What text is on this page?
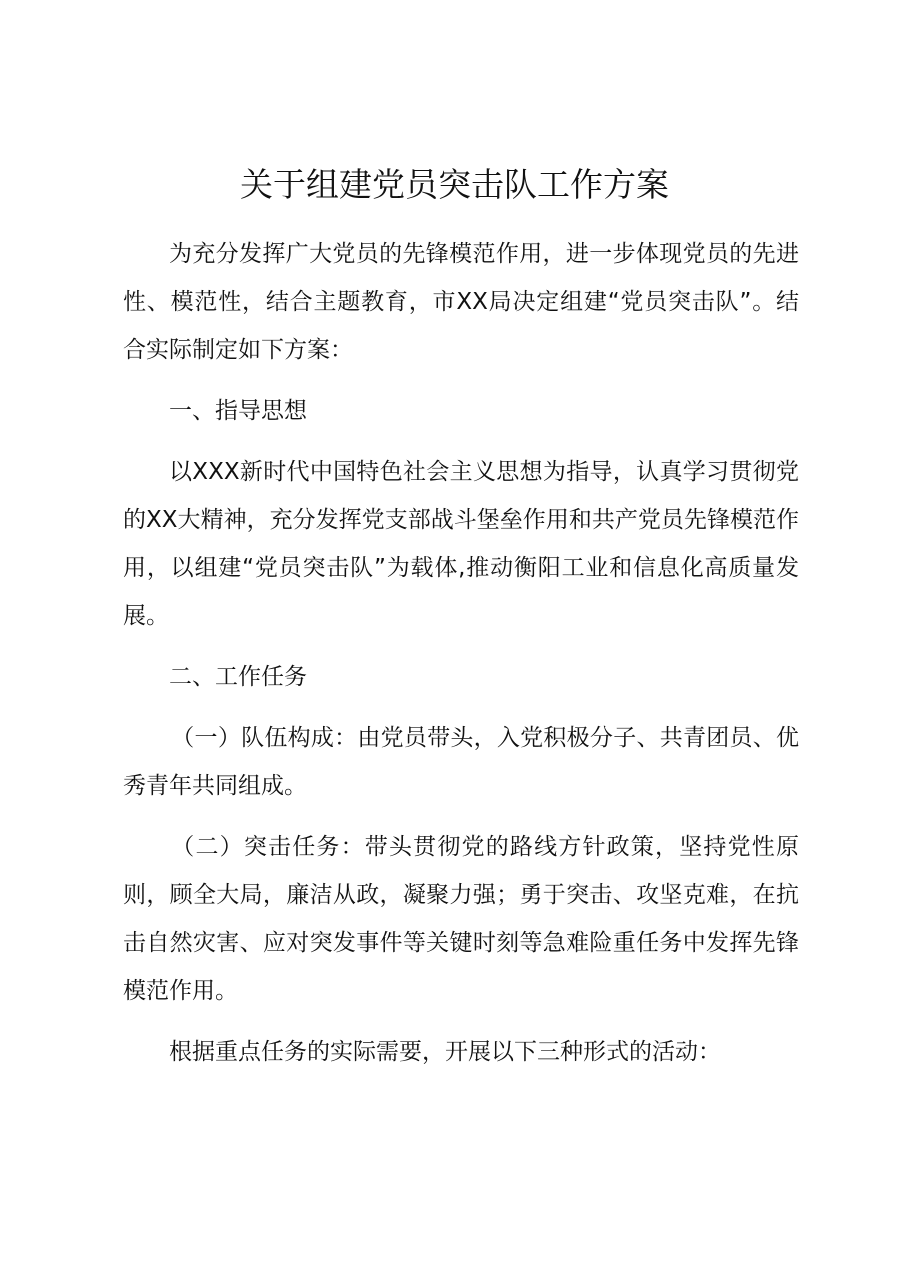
关于组建党员突击队工作方案

为充分发挥广大党员的先锋模范作用，进一步体现党员的先进性、模范性，结合主题教育，市XX局决定组建“党员突击队”。结合实际制定如下方案：

一、指导思想

以XXX新时代中国特色社会主义思想为指导，认真学习贯彻党的XX大精神，充分发挥党支部战斗堡垒作用和共产党员先锋模范作用，以组建“党员突击队”为载体,推动衡阳工业和信息化高质量发展。

二、工作任务

（一）队伍构成：由党员带头，入党积极分子、共青团员、优秀青年共同组成。

（二）突击任务：带头贯彻党的路线方针政策，坚持党性原则，顾全大局，廉洁从政，凝聚力强；勇于突击、攻坚克难，在抗击自然灾害、应对突发事件等关键时刻等急难险重任务中发挥先锋模范作用。

根据重点任务的实际需要，开展以下三种形式的活动：
